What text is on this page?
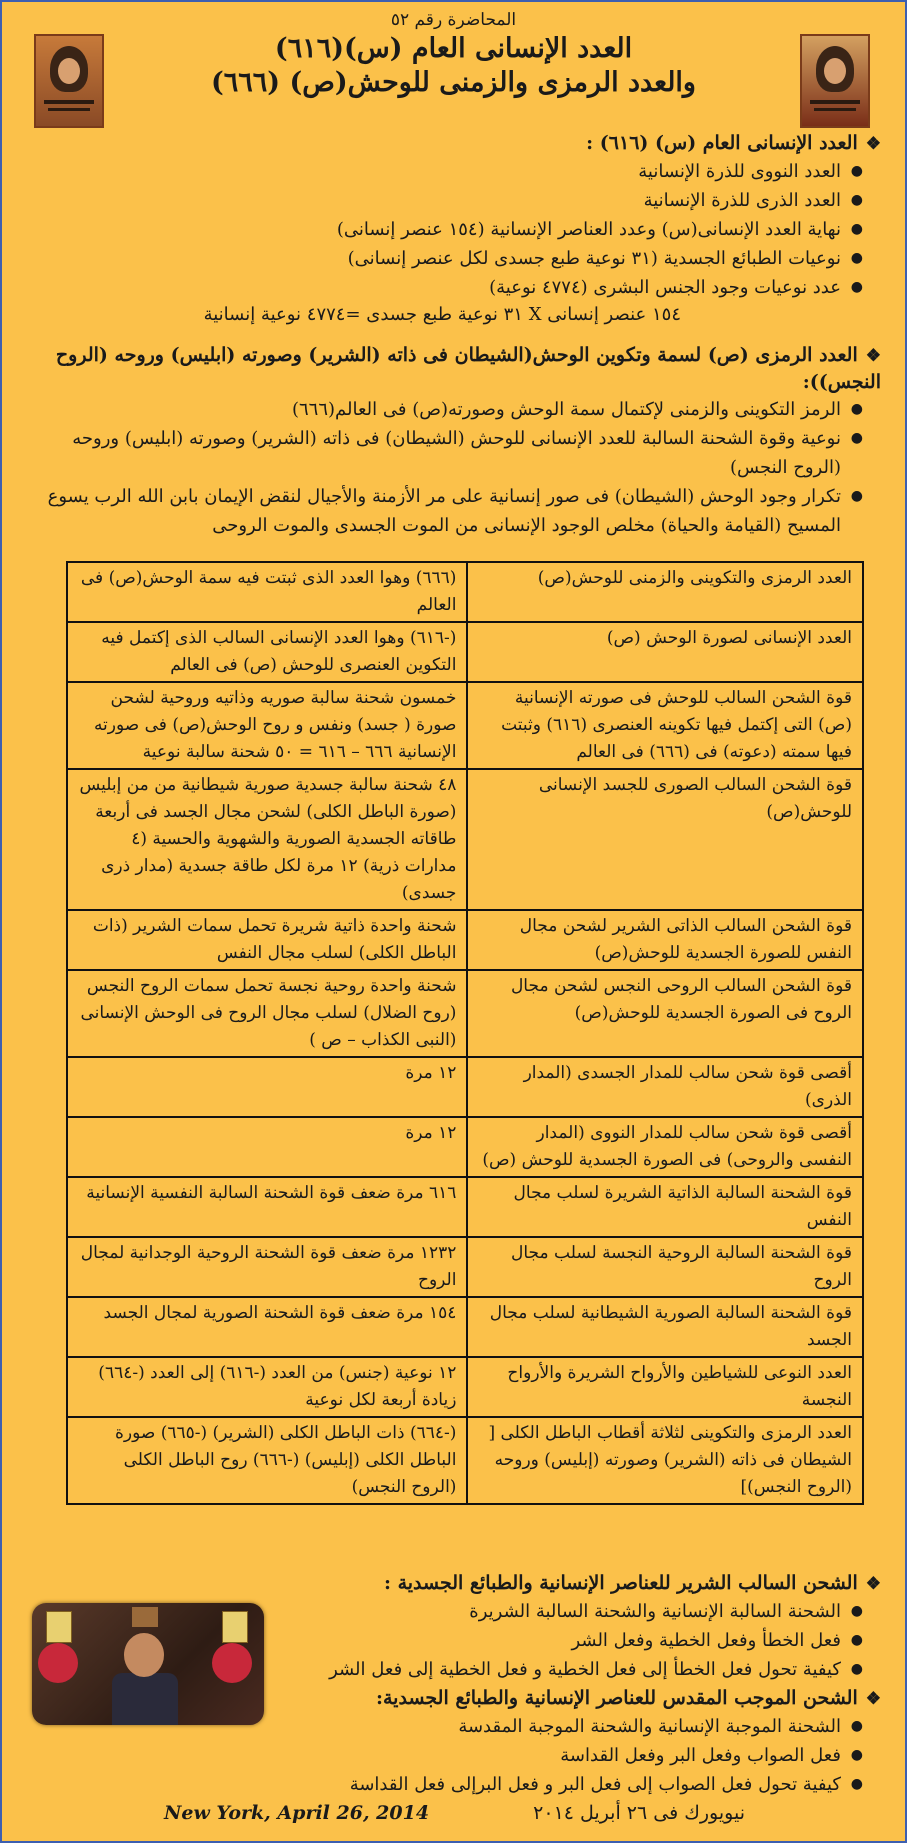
المحاضرة رقم ٥٢
العدد الإنسانى العام (س)(٦١٦)
والعدد الرمزى والزمنى للوحش(ص) (٦٦٦)
❖العدد الإنسانى العام (س) (٦١٦) :
●
العدد النووى للذرة الإنسانية
●
العدد الذرى للذرة الإنسانية
●
نهاية العدد الإنسانى(س) وعدد العناصر الإنسانية (١٥٤ عنصر إنسانى)
●
نوعيات الطبائع الجسدية (٣١ نوعية طبع جسدى لكل عنصر إنسانى)
●
عدد نوعيات وجود الجنس البشرى (٤٧٧٤ نوعية)
١٥٤ عنصر إنسانى X ٣١ نوعية طبع جسدى =٤٧٧٤ نوعية إنسانية
❖العدد الرمزى (ص) لسمة وتكوين الوحش(الشيطان فى ذاته (الشرير) وصورته (ابليس) وروحه (الروح النجس)):
●
الرمز التكوينى والزمنى لإكتمال سمة الوحش وصورته(ص) فى العالم(٦٦٦)
●
نوعية وقوة الشحنة السالبة للعدد الإنسانى للوحش (الشيطان) فى ذاته (الشرير) وصورته (ابليس) وروحه (الروح النجس)
●
تكرار وجود الوحش (الشيطان) فى صور إنسانية على مر الأزمنة والأجيال لنقض الإيمان بابن الله الرب يسوع المسيح (القيامة والحياة) مخلص الوجود الإنسانى من الموت الجسدى والموت الروحى
العدد الرمزى والتكوينى والزمنى للوحش(ص)	(٦٦٦) وهوا العدد الذى ثبتت فيه سمة الوحش(ص) فى العالم
العدد الإنسانى لصورة الوحش (ص)	(-٦١٦) وهوا العدد الإنسانى السالب الذى إكتمل فيه التكوين العنصرى للوحش (ص) فى العالم
قوة الشحن السالب للوحش فى صورته الإنسانية (ص) التى إكتمل فيها تكوينه العنصرى (٦١٦) وثبتت فيها سمته (دعوته) فى (٦٦٦) فى العالم	خمسون شحنة سالبة صوريه وذاتيه وروحية لشحن صورة ( جسد) ونفس و روح الوحش(ص) فى صورته الإنسانية ٦٦٦ – ٦١٦ = ٥٠ شحنة سالبة نوعية
قوة الشحن السالب الصورى للجسد الإنسانى للوحش(ص)	٤٨ شحنة سالبة جسدية صورية شيطانية من من إبليس (صورة الباطل الكلى) لشحن مجال الجسد فى أربعة طاقاته الجسدية الصورية والشهوية والحسية (٤ مدارات ذرية) ١٢ مرة لكل طاقة جسدية (مدار ذرى جسدى)
قوة الشحن السالب الذاتى الشرير لشحن مجال النفس للصورة الجسدية للوحش(ص)	شحنة واحدة ذاتية شريرة تحمل سمات الشرير (ذات الباطل الكلى) لسلب مجال النفس
قوة الشحن السالب الروحى النجس لشحن مجال الروح فى الصورة الجسدية للوحش(ص)	شحنة واحدة روحية نجسة تحمل سمات الروح النجس (روح الضلال) لسلب مجال الروح فى الوحش الإنسانى (النبى الكذاب – ص )
أقصى قوة شحن سالب للمدار الجسدى (المدار الذرى)	١٢ مرة
أقصى قوة شحن سالب للمدار النووى (المدار النفسى والروحى) فى الصورة الجسدية للوحش (ص)	١٢ مرة
قوة الشحنة السالبة الذاتية الشريرة لسلب مجال النفس	٦١٦ مرة ضعف قوة الشحنة السالبة النفسية الإنسانية
قوة الشحنة السالبة الروحية النجسة لسلب مجال الروح	١٢٣٢ مرة ضعف قوة الشحنة الروحية الوجدانية لمجال الروح
قوة الشحنة السالبة الصورية الشيطانية لسلب مجال الجسد	١٥٤ مرة ضعف قوة الشحنة الصورية لمجال الجسد
العدد النوعى للشياطين والأرواح الشريرة والأرواح النجسة	١٢ نوعية (جنس) من العدد (-٦١٦) إلى العدد (-٦٦٤) زيادة أربعة لكل نوعية
العدد الرمزى والتكوينى لثلاثة أقطاب الباطل الكلى [ الشيطان فى ذاته (الشرير) وصورته (إبليس) وروحه (الروح النجس)]	(-٦٦٤) ذات الباطل الكلى (الشرير) (-٦٦٥) صورة الباطل الكلى (إبليس) (-٦٦٦) روح الباطل الكلى (الروح النجس)
❖الشحن السالب الشرير للعناصر الإنسانية والطبائع الجسدية :
●
الشحنة السالبة الإنسانية والشحنة السالبة الشريرة
●
فعل الخطأ وفعل الخطية وفعل الشر
●
كيفية تحول فعل الخطأ إلى فعل الخطية و فعل الخطية إلى فعل الشر
❖الشحن الموجب المقدس للعناصر الإنسانية والطبائع الجسدية:
●
الشحنة الموجبة الإنسانية والشحنة الموجبة المقدسة
●
فعل الصواب وفعل البر وفعل القداسة
●
كيفية تحول فعل الصواب إلى فعل البر و فعل البرإلى فعل القداسة
New York, April 26, 2014	نيويورك فى ٢٦ أبريل ٢٠١٤
